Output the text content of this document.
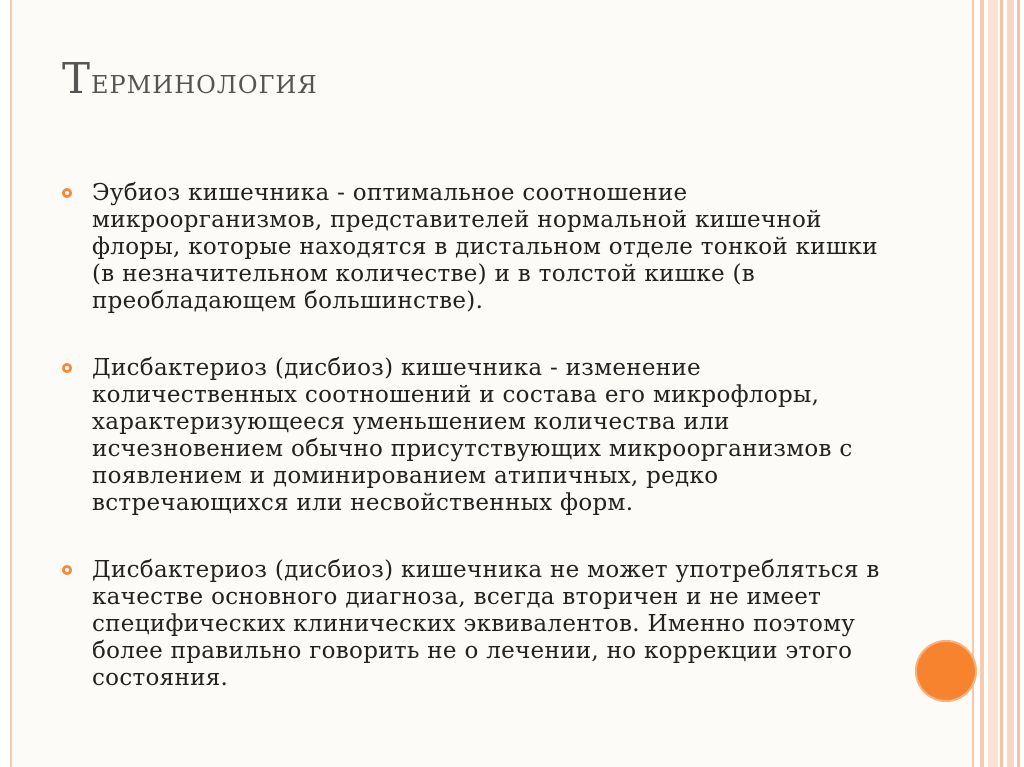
Терминология

Эубиоз кишечника - оптимальное соотношение микроорганизмов, представителей нормальной кишечной флоры, которые находятся в дистальном отделе тонкой кишки (в незначительном количестве) и в толстой кишке (в преобладающем большинстве).

Дисбактериоз (дисбиоз) кишечника - изменение количественных соотношений и состава его микрофлоры, характеризующееся уменьшением количества или исчезновением обычно присутствующих микроорганизмов с появлением и доминированием атипичных, редко встречающихся или несвойственных форм.

Дисбактериоз (дисбиоз) кишечника не может употребляться в качестве основного диагноза, всегда вторичен и не имеет специфических клинических эквивалентов. Именно поэтому более правильно говорить не о лечении, но коррекции этого состояния.
